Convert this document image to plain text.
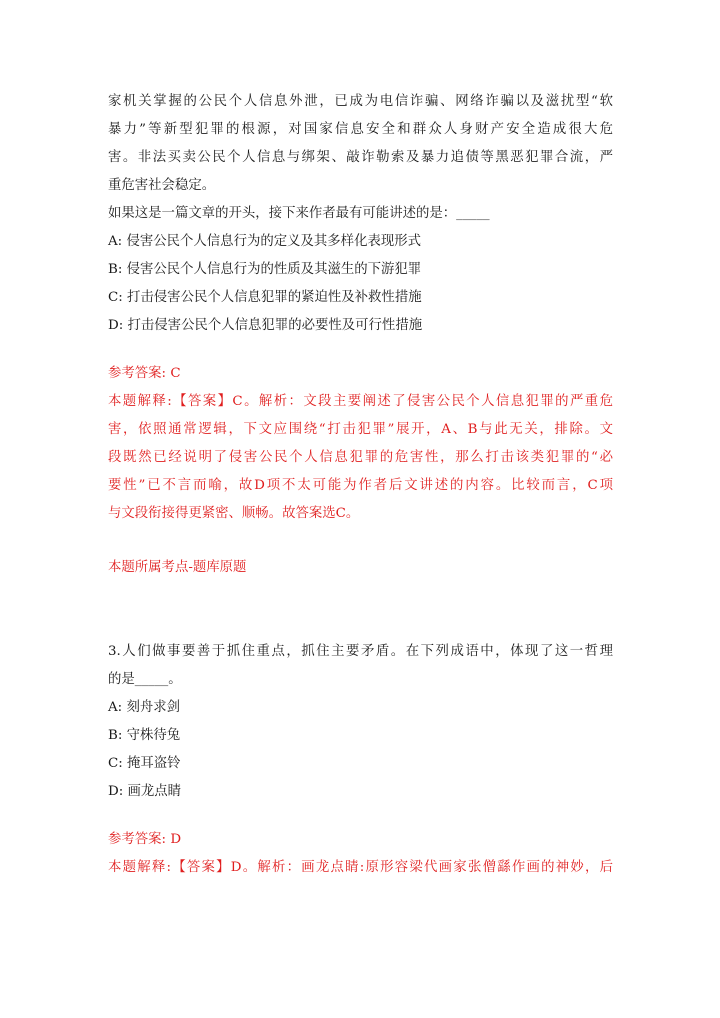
家机关掌握的公民个人信息外泄，已成为电信诈骗、网络诈骗以及滋扰型“软
暴力”等新型犯罪的根源，对国家信息安全和群众人身财产安全造成很大危
害。非法买卖公民个人信息与绑架、敲诈勒索及暴力追债等黑恶犯罪合流，严
重危害社会稳定。
如果这是一篇文章的开头，接下来作者最有可能讲述的是：_____
A: 侵害公民个人信息行为的定义及其多样化表现形式
B: 侵害公民个人信息行为的性质及其滋生的下游犯罪
C: 打击侵害公民个人信息犯罪的紧迫性及补救性措施
D: 打击侵害公民个人信息犯罪的必要性及可行性措施
参考答案: C
本题解释:【答案】C。解析：文段主要阐述了侵害公民个人信息犯罪的严重危
害，依照通常逻辑，下文应围绕“打击犯罪”展开，A、B与此无关，排除。文
段既然已经说明了侵害公民个人信息犯罪的危害性，那么打击该类犯罪的“必
要性”已不言而喻，故D项不太可能为作者后文讲述的内容。比较而言，C项
与文段衔接得更紧密、顺畅。故答案选C。
本题所属考点-题库原题
3.人们做事要善于抓住重点，抓住主要矛盾。在下列成语中，体现了这一哲理
的是_____。
A: 刻舟求剑
B: 守株待兔
C: 掩耳盗铃
D: 画龙点睛
参考答案: D
本题解释:【答案】D。解析：画龙点睛:原形容梁代画家张僧繇作画的神妙，后
